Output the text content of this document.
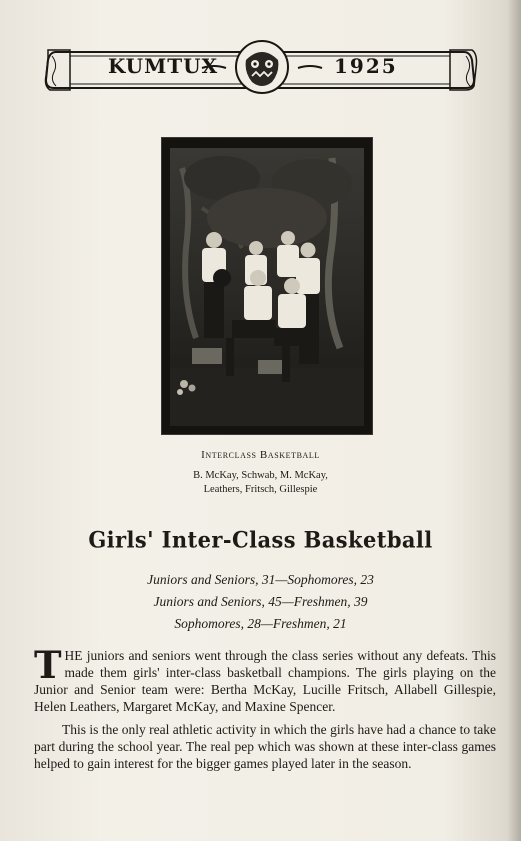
KUMTUX	1925
Interclass Basketball
B. McKay, Schwab, M. McKay,
Leathers, Fritsch, Gillespie
Girls' Inter-Class Basketball
Juniors and Seniors, 31—Sophomores, 23
Juniors and Seniors, 45—Freshmen, 39
Sophomores, 28—Freshmen, 21

THE juniors and seniors went through the class series without any defeats. This made them girls' inter-class basketball champions. The girls playing on the Junior and Senior team were: Bertha McKay, Lucille Fritsch, Allabell Gillespie, Helen Leathers, Margaret McKay, and Maxine Spencer.

This is the only real athletic activity in which the girls have had a chance to take part during the school year. The real pep which was shown at these inter-class games helped to gain interest for the bigger games played later in the season.
